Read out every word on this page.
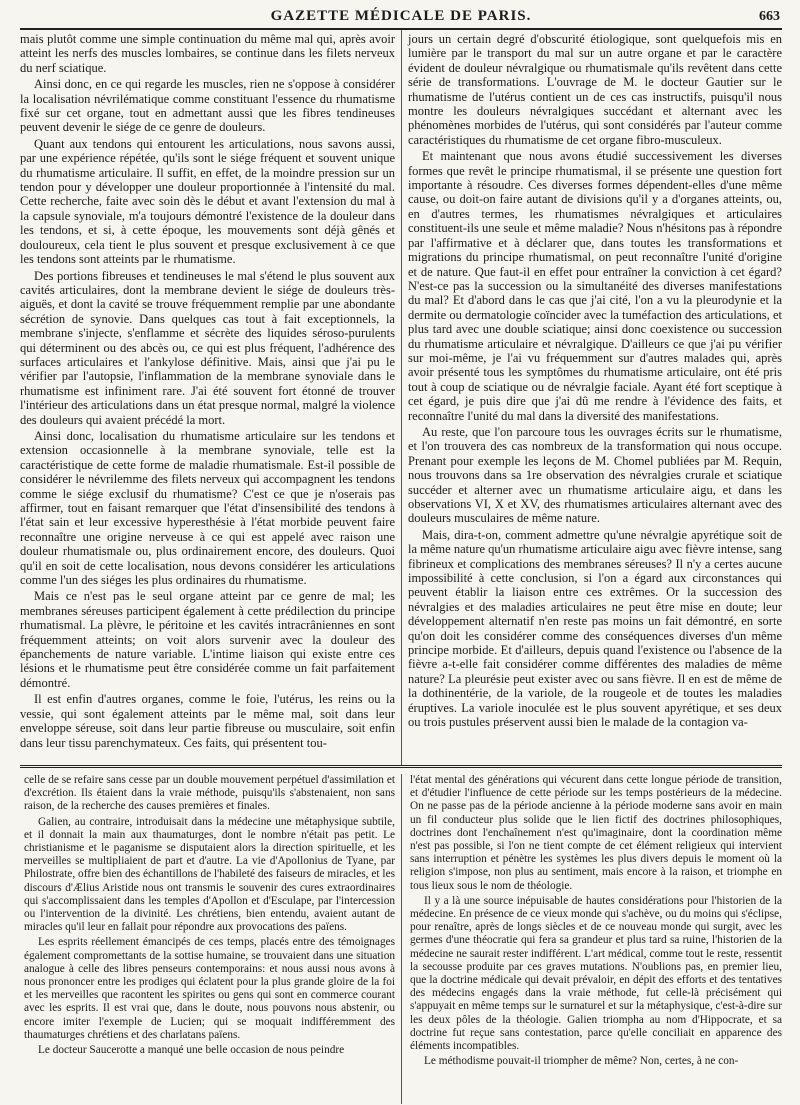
GAZETTE MÉDICALE DE PARIS.	663

mais plutôt comme une simple continuation du même mal qui, après avoir atteint les nerfs des muscles lombaires, se continue dans les filets nerveux du nerf sciatique.

Ainsi donc, en ce qui regarde les muscles, rien ne s'oppose à considérer la localisation névrilématique comme constituant l'essence du rhumatisme fixé sur cet organe, tout en admettant aussi que les fibres tendineuses peuvent devenir le siége de ce genre de douleurs.

Quant aux tendons qui entourent les articulations, nous savons aussi, par une expérience répétée, qu'ils sont le siége fréquent et souvent unique du rhumatisme articulaire. Il suffit, en effet, de la moindre pression sur un tendon pour y développer une douleur proportionnée à l'intensité du mal. Cette recherche, faite avec soin dès le début et avant l'extension du mal à la capsule synoviale, m'a toujours démontré l'existence de la douleur dans les tendons, et si, à cette époque, les mouvements sont déjà gênés et douloureux, cela tient le plus souvent et presque exclusivement à ce que les tendons sont atteints par le rhumatisme.

Des portions fibreuses et tendineuses le mal s'étend le plus souvent aux cavités articulaires, dont la membrane devient le siége de douleurs très-aiguës, et dont la cavité se trouve fréquemment remplie par une abondante sécrétion de synovie. Dans quelques cas tout à fait exceptionnels, la membrane s'injecte, s'enflamme et sécrète des liquides séroso-purulents qui déterminent ou des abcès ou, ce qui est plus fréquent, l'adhérence des surfaces articulaires et l'ankylose définitive. Mais, ainsi que j'ai pu le vérifier par l'autopsie, l'inflammation de la membrane synoviale dans le rhumatisme est infiniment rare. J'ai été souvent fort étonné de trouver l'intérieur des articulations dans un état presque normal, malgré la violence des douleurs qui avaient précédé la mort.

Ainsi donc, localisation du rhumatisme articulaire sur les tendons et extension occasionnelle à la membrane synoviale, telle est la caractéristique de cette forme de maladie rhumatismale. Est-il possible de considérer le névrilemme des filets nerveux qui accompagnent les tendons comme le siége exclusif du rhumatisme? C'est ce que je n'oserais pas affirmer, tout en faisant remarquer que l'état d'insensibilité des tendons à l'état sain et leur excessive hyperesthésie à l'état morbide peuvent faire reconnaître une origine nerveuse à ce qui est appelé avec raison une douleur rhumatismale ou, plus ordinairement encore, des douleurs. Quoi qu'il en soit de cette localisation, nous devons considérer les articulations comme l'un des siéges les plus ordinaires du rhumatisme.

Mais ce n'est pas le seul organe atteint par ce genre de mal; les membranes séreuses participent également à cette prédilection du principe rhumatismal. La plèvre, le péritoine et les cavités intracrâniennes en sont fréquemment atteints; on voit alors survenir avec la douleur des épanchements de nature variable. L'intime liaison qui existe entre ces lésions et le rhumatisme peut être considérée comme un fait parfaitement démontré.

Il est enfin d'autres organes, comme le foie, l'utérus, les reins ou la vessie, qui sont également atteints par le même mal, soit dans leur enveloppe séreuse, soit dans leur partie fibreuse ou musculaire, soit enfin dans leur tissu parenchymateux. Ces faits, qui présentent tou-

jours un certain degré d'obscurité étiologique, sont quelquefois mis en lumière par le transport du mal sur un autre organe et par le caractère évident de douleur névralgique ou rhumatismale qu'ils revêtent dans cette série de transformations. L'ouvrage de M. le docteur Gautier sur le rhumatisme de l'utérus contient un de ces cas instructifs, puisqu'il nous montre les douleurs névralgiques succédant et alternant avec les phénomènes morbides de l'utérus, qui sont considérés par l'auteur comme caractéristiques du rhumatisme de cet organe fibro-musculeux.

Et maintenant que nous avons étudié successivement les diverses formes que revêt le principe rhumatismal, il se présente une question fort importante à résoudre. Ces diverses formes dépendent-elles d'une même cause, ou doit-on faire autant de divisions qu'il y a d'organes atteints, ou, en d'autres termes, les rhumatismes névralgiques et articulaires constituent-ils une seule et même maladie? Nous n'hésitons pas à répondre par l'affirmative et à déclarer que, dans toutes les transformations et migrations du principe rhumatismal, on peut reconnaître l'unité d'origine et de nature. Que faut-il en effet pour entraîner la conviction à cet égard? N'est-ce pas la succession ou la simultanéité des diverses manifestations du mal? Et d'abord dans le cas que j'ai cité, l'on a vu la pleurodynie et la dermite ou dermatologie coïncider avec la tuméfaction des articulations, et plus tard avec une double sciatique; ainsi donc coexistence ou succession du rhumatisme articulaire et névralgique. D'ailleurs ce que j'ai pu vérifier sur moi-même, je l'ai vu fréquemment sur d'autres malades qui, après avoir présenté tous les symptômes du rhumatisme articulaire, ont été pris tout à coup de sciatique ou de névralgie faciale. Ayant été fort sceptique à cet égard, je puis dire que j'ai dû me rendre à l'évidence des faits, et reconnaître l'unité du mal dans la diversité des manifestations.

Au reste, que l'on parcoure tous les ouvrages écrits sur le rhumatisme, et l'on trouvera des cas nombreux de la transformation qui nous occupe. Prenant pour exemple les leçons de M. Chomel publiées par M. Requin, nous trouvons dans sa 1re observation des névralgies crurale et sciatique succéder et alterner avec un rhumatisme articulaire aigu, et dans les observations VI, X et XV, des rhumatismes articulaires alternant avec des douleurs musculaires de même nature.

Mais, dira-t-on, comment admettre qu'une névralgie apyrétique soit de la même nature qu'un rhumatisme articulaire aigu avec fièvre intense, sang fibrineux et complications des membranes séreuses? Il n'y a certes aucune impossibilité à cette conclusion, si l'on a égard aux circonstances qui peuvent établir la liaison entre ces extrêmes. Or la succession des névralgies et des maladies articulaires ne peut être mise en doute; leur développement alternatif n'en reste pas moins un fait démontré, en sorte qu'on doit les considérer comme des conséquences diverses d'un même principe morbide. Et d'ailleurs, depuis quand l'existence ou l'absence de la fièvre a-t-elle fait considérer comme différentes des maladies de même nature? La pleurésie peut exister avec ou sans fièvre. Il en est de même de la dothinentérie, de la variole, de la rougeole et de toutes les maladies éruptives. La variole inoculée est le plus souvent apyrétique, et ses deux ou trois pustules préservent aussi bien le malade de la contagion va-

celle de se refaire sans cesse par un double mouvement perpétuel d'assimilation et d'excrétion. Ils étaient dans la vraie méthode, puisqu'ils s'abstenaient, non sans raison, de la recherche des causes premières et finales.

Galien, au contraire, introduisait dans la médecine une métaphysique subtile, et il donnait la main aux thaumaturges, dont le nombre n'était pas petit. Le christianisme et le paganisme se disputaient alors la direction spirituelle, et les merveilles se multipliaient de part et d'autre. La vie d'Apollonius de Tyane, par Philostrate, offre bien des échantillons de l'habileté des faiseurs de miracles, et les discours d'Ælius Aristide nous ont transmis le souvenir des cures extraordinaires qui s'accomplissaient dans les temples d'Apollon et d'Esculape, par l'intercession ou l'intervention de la divinité. Les chrétiens, bien entendu, avaient autant de miracles qu'il leur en fallait pour répondre aux provocations des païens.

Les esprits réellement émancipés de ces temps, placés entre des témoignages également compromettants de la sottise humaine, se trouvaient dans une situation analogue à celle des libres penseurs contemporains: et nous aussi nous avons à nous prononcer entre les prodiges qui éclatent pour la plus grande gloire de la foi et les merveilles que racontent les spirites ou gens qui sont en commerce courant avec les esprits. Il est vrai que, dans le doute, nous pouvons nous abstenir, ou encore imiter l'exemple de Lucien; qui se moquait indifféremment des thaumaturges chrétiens et des charlatans païens.

Le docteur Saucerotte a manqué une belle occasion de nous peindre

l'état mental des générations qui vécurent dans cette longue période de transition, et d'étudier l'influence de cette période sur les temps postérieurs de la médecine. On ne passe pas de la période ancienne à la période moderne sans avoir en main un fil conducteur plus solide que le lien fictif des doctrines philosophiques, doctrines dont l'enchaînement n'est qu'imaginaire, dont la coordination même n'est pas possible, si l'on ne tient compte de cet élément religieux qui intervient sans interruption et pénètre les systèmes les plus divers depuis le moment où la religion s'impose, non plus au sentiment, mais encore à la raison, et triomphe en tous lieux sous le nom de théologie.

Il y a là une source inépuisable de hautes considérations pour l'historien de la médecine. En présence de ce vieux monde qui s'achève, ou du moins qui s'éclipse, pour renaître, après de longs siècles et de ce nouveau monde qui surgit, avec les germes d'une théocratie qui fera sa grandeur et plus tard sa ruine, l'historien de la médecine ne saurait rester indifférent. L'art médical, comme tout le reste, ressentit la secousse produite par ces graves mutations. N'oublions pas, en premier lieu, que la doctrine médicale qui devait prévaloir, en dépit des efforts et des tentatives des médecins engagés dans la vraie méthode, fut celle-là précisément qui s'appuyait en même temps sur le surnaturel et sur la métaphysique, c'est-à-dire sur les deux pôles de la théologie. Galien triompha au nom d'Hippocrate, et sa doctrine fut reçue sans contestation, parce qu'elle conciliait en apparence des éléments incompatibles.

Le méthodisme pouvait-il triompher de même? Non, certes, à ne con-
